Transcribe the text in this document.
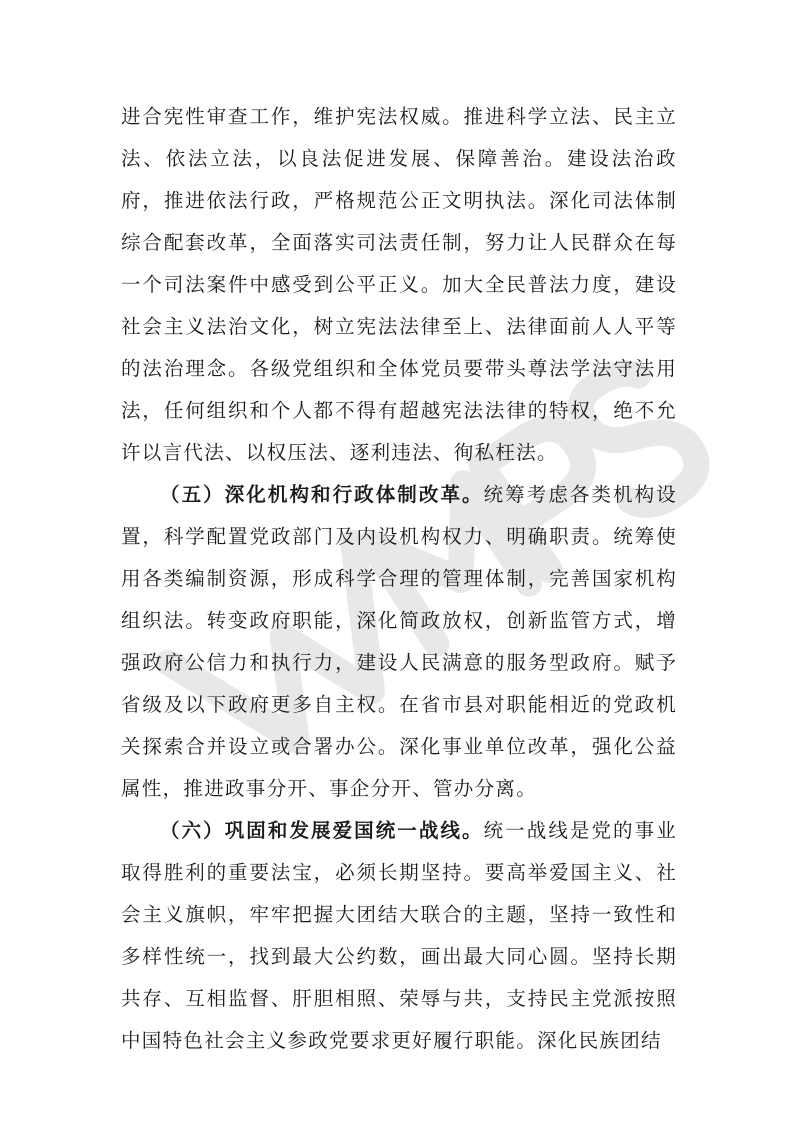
进合宪性审查工作，维护宪法权威。推进科学立法、民主立法、依法立法，以良法促进发展、保障善治。建设法治政府，推进依法行政，严格规范公正文明执法。深化司法体制综合配套改革，全面落实司法责任制，努力让人民群众在每一个司法案件中感受到公平正义。加大全民普法力度，建设社会主义法治文化，树立宪法法律至上、法律面前人人平等的法治理念。各级党组织和全体党员要带头尊法学法守法用法，任何组织和个人都不得有超越宪法法律的特权，绝不允许以言代法、以权压法、逐利违法、徇私枉法。

（五）深化机构和行政体制改革。统筹考虑各类机构设置，科学配置党政部门及内设机构权力、明确职责。统筹使用各类编制资源，形成科学合理的管理体制，完善国家机构组织法。转变政府职能，深化简政放权，创新监管方式，增强政府公信力和执行力，建设人民满意的服务型政府。赋予省级及以下政府更多自主权。在省市县对职能相近的党政机关探索合并设立或合署办公。深化事业单位改革，强化公益属性，推进政事分开、事企分开、管办分离。

（六）巩固和发展爱国统一战线。统一战线是党的事业取得胜利的重要法宝，必须长期坚持。要高举爱国主义、社会主义旗帜，牢牢把握大团结大联合的主题，坚持一致性和多样性统一，找到最大公约数，画出最大同心圆。坚持长期共存、互相监督、肝胆相照、荣辱与共，支持民主党派按照中国特色社会主义参政党要求更好履行职能。深化民族团结
